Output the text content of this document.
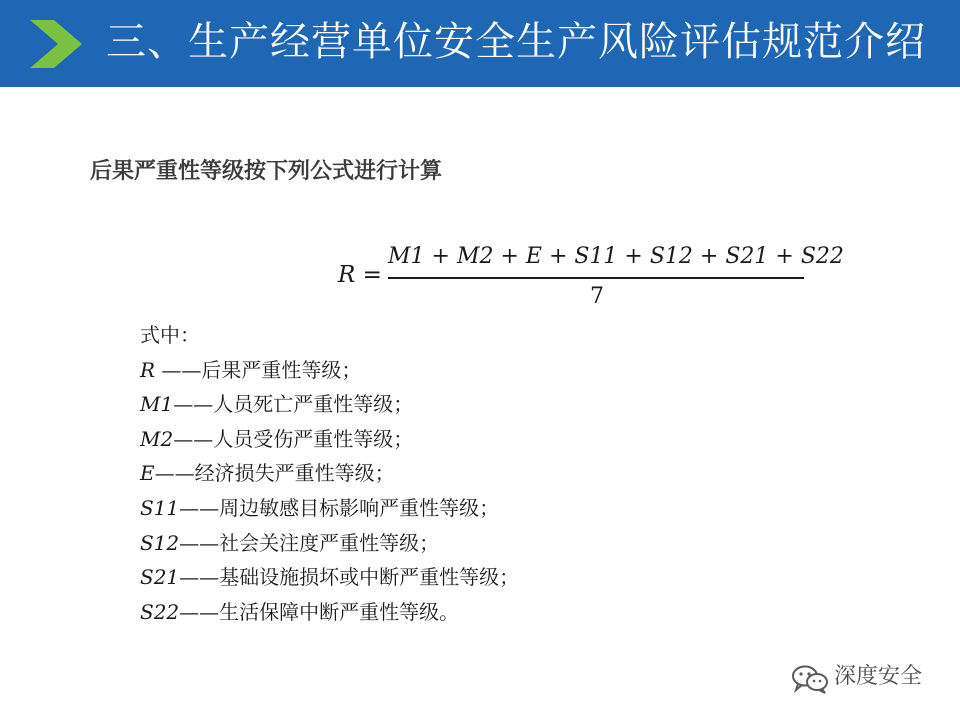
三、生产经营单位安全生产风险评估规范介绍
后果严重性等级按下列公式进行计算
R =
M1 + M2 + E + S11 + S12 + S21 + S22
7
式中：
R ——后果严重性等级；
M1——人员死亡严重性等级；
M2——人员受伤严重性等级；
E——经济损失严重性等级；
S11——周边敏感目标影响严重性等级；
S12——社会关注度严重性等级；
S21——基础设施损坏或中断严重性等级；
S22——生活保障中断严重性等级。
深度安全
